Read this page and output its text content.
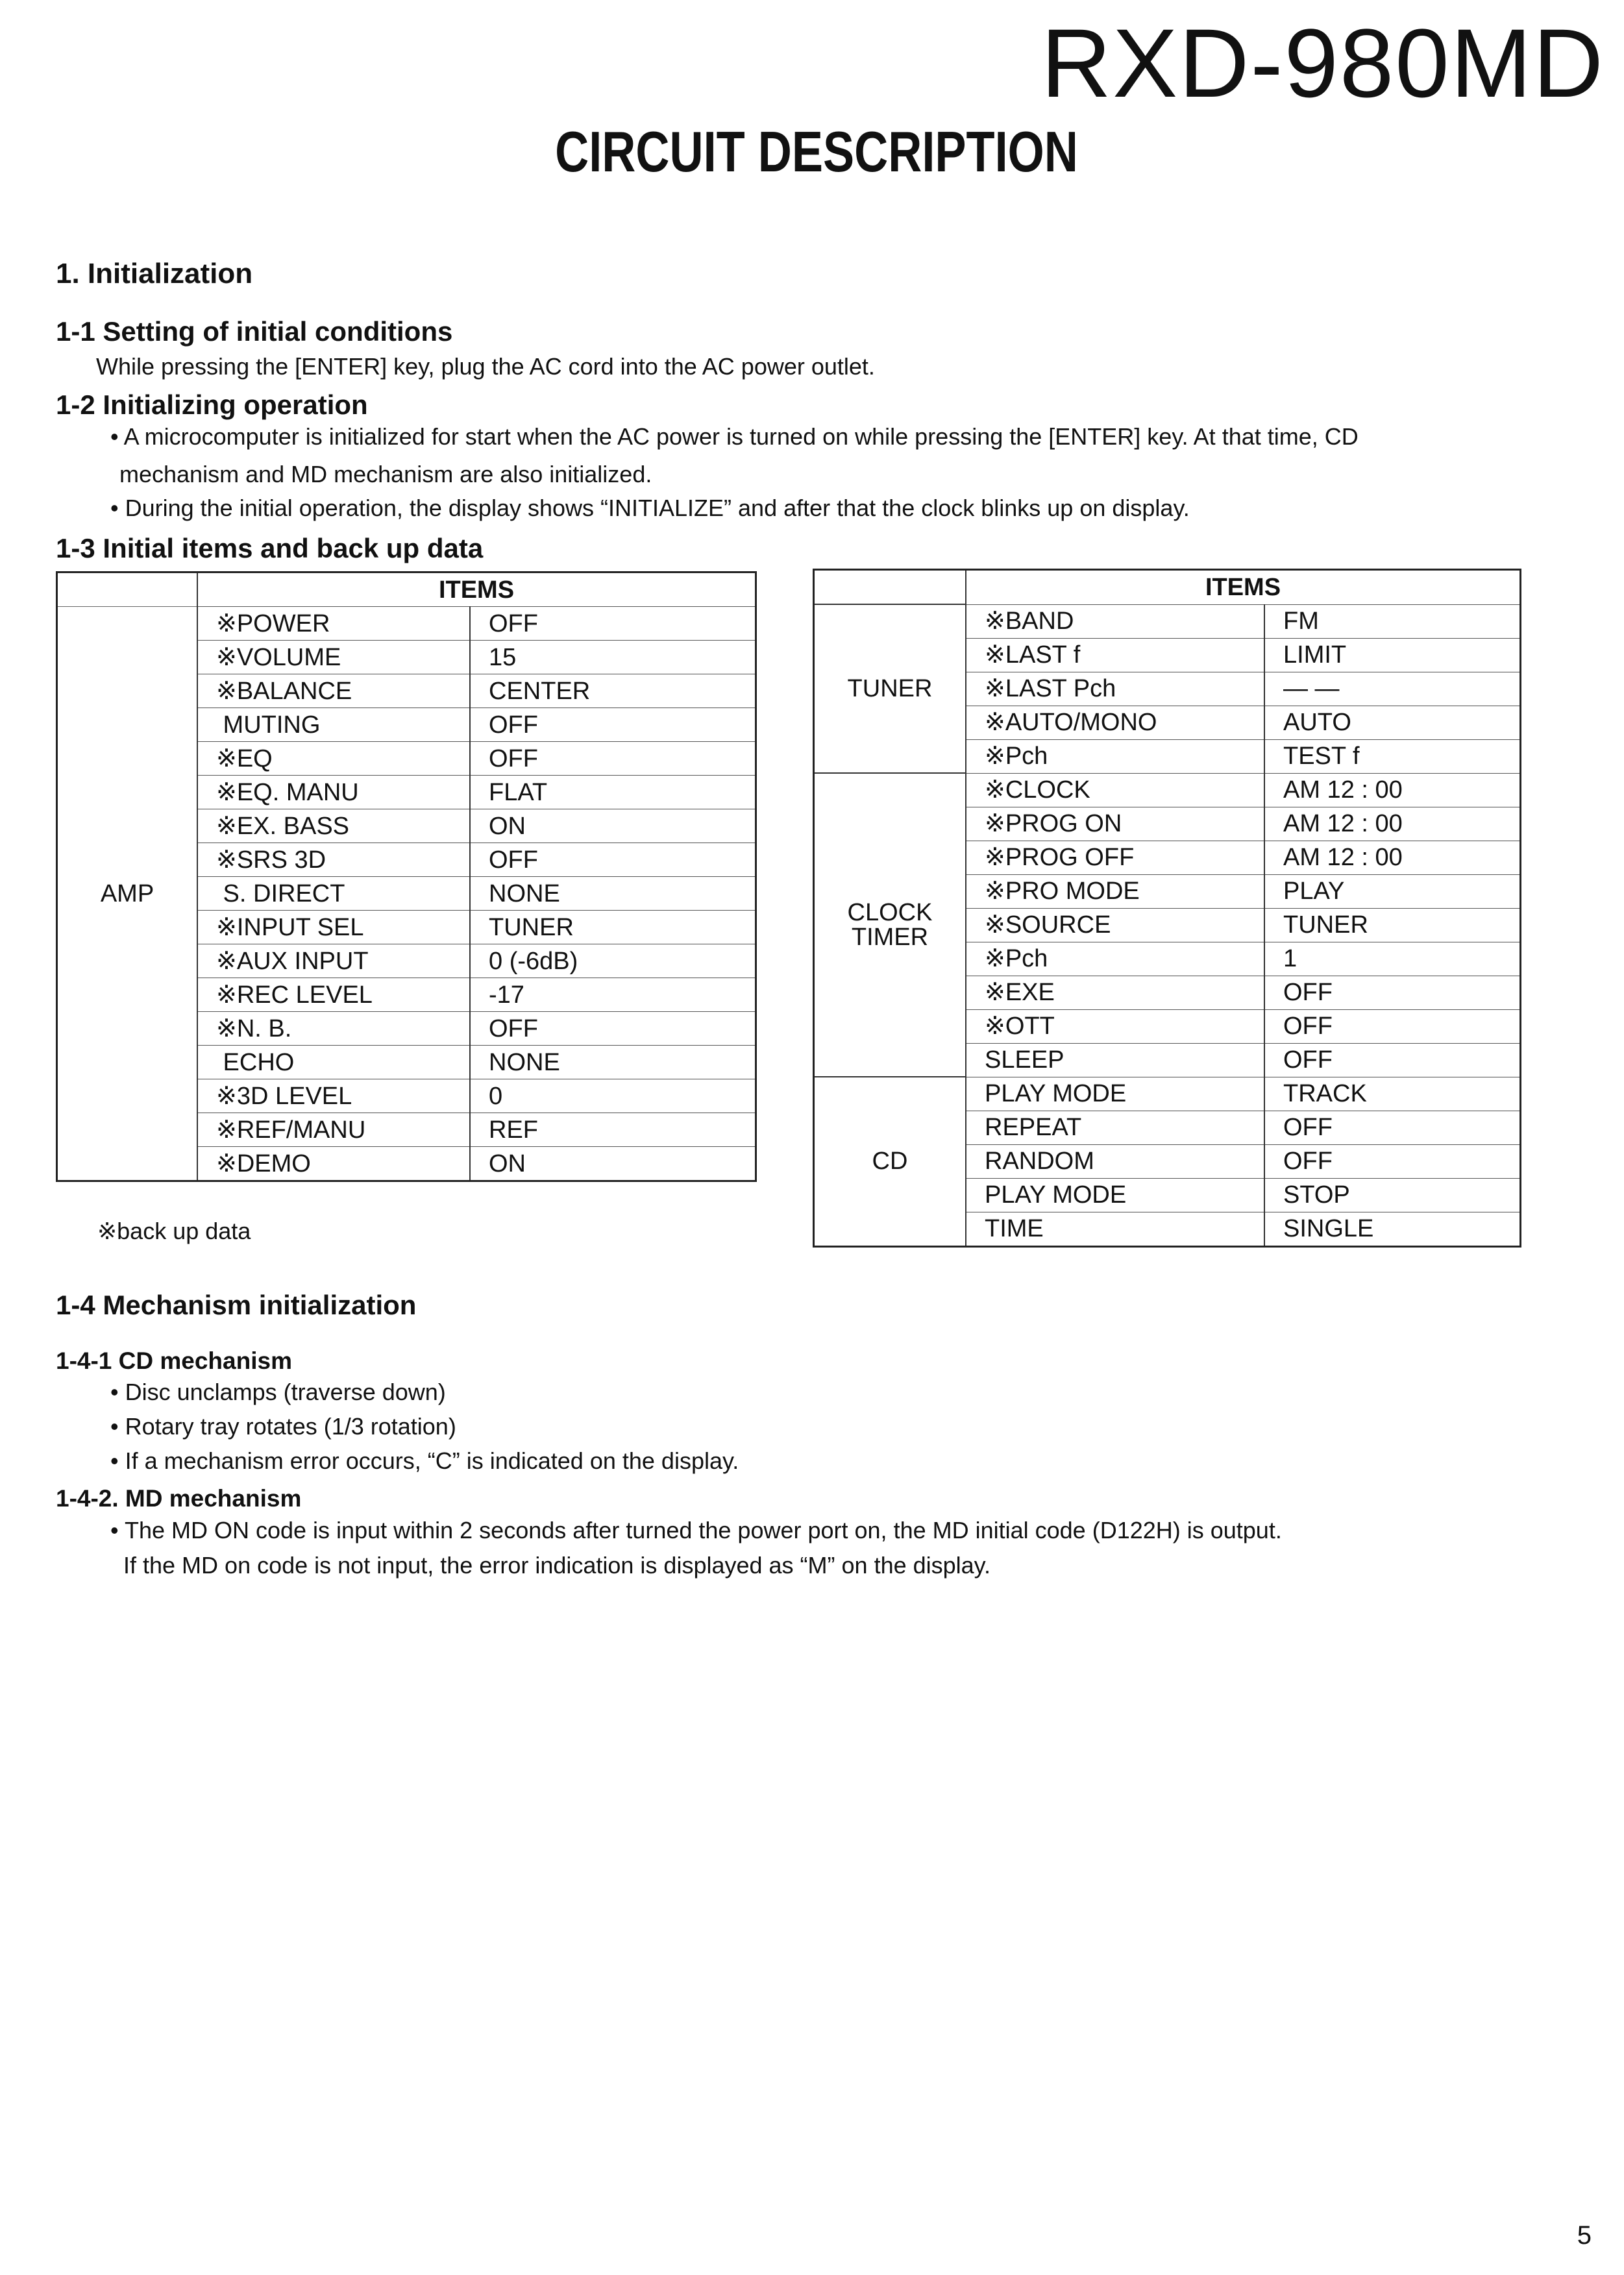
RXD-980MD
CIRCUIT DESCRIPTION
1. Initialization
1-1 Setting of initial conditions
While pressing the [ENTER] key, plug the AC cord into the AC power outlet.
1-2 Initializing operation
• A microcomputer is initialized for start when the AC power is turned on while pressing the [ENTER] key. At that time, CD
mechanism and MD mechanism are also initialized.
• During the initial operation, the display shows “INITIALIZE” and after that the clock blinks up on display.
1-3 Initial items and back up data
	ITEMS	
AMP	※POWER	OFF
	※VOLUME	15
	※BALANCE	CENTER
	MUTING	OFF
	※EQ	OFF
	※EQ. MANU	FLAT
	※EX. BASS	ON
	※SRS 3D	OFF
	S. DIRECT	NONE
	※INPUT SEL	TUNER
	※AUX INPUT	0 (-6dB)
	※REC LEVEL	-17
	※N. B.	OFF
	ECHO	NONE
	※3D LEVEL	0
	※REF/MANU	REF
	※DEMO	ON
※back up data
	ITEMS	
TUNER	※BAND	FM
	※LAST f	LIMIT
	※LAST Pch	— —
	※AUTO/MONO	AUTO
	※Pch	TEST f
CLOCK TIMER	※CLOCK	AM 12 : 00
	※PROG ON	AM 12 : 00
	※PROG OFF	AM 12 : 00
	※PRO MODE	PLAY
	※SOURCE	TUNER
	※Pch	1
	※EXE	OFF
	※OTT	OFF
	SLEEP	OFF
CD	PLAY MODE	TRACK
	REPEAT	OFF
	RANDOM	OFF
	PLAY MODE	STOP
	TIME	SINGLE
1-4 Mechanism initialization
1-4-1 CD mechanism
• Disc unclamps (traverse down)
• Rotary tray rotates (1/3 rotation)
• If a mechanism error occurs, “C” is indicated on the display.
1-4-2. MD mechanism
• The MD ON code is input within 2 seconds after turned the power port on, the MD initial code (D122H) is output.
If the MD on code is not input, the error indication is displayed as “M” on the display.
5
